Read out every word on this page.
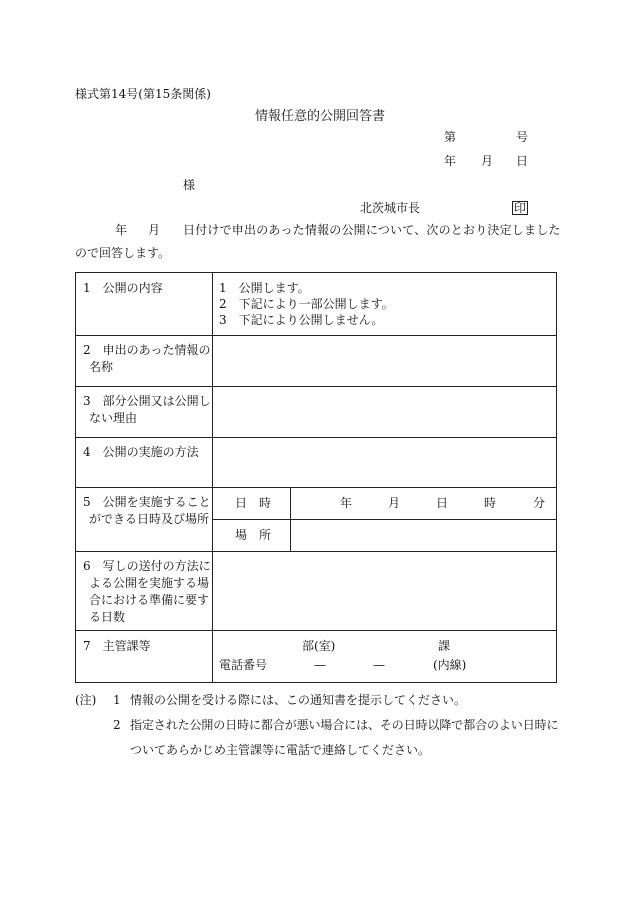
様式第14号(第15条関係)
情報任意的公開回答書
第	号
年 月 日
様
北茨城市長	印
年 月 日付けで申出のあった情報の公開について、次のとおり決定しました
ので回答します。
1　公開の内容	1　公開します。
2　下記により一部公開します。
3　下記により公開しません。
2　申出のあった情報の
名称
3　部分公開又は公開し
ない理由
4　公開の実施の方法
5　公開を実施すること
ができる日時及び場所
日　時	年	月	日	時	分
場　所
6　写しの送付の方法に
よる公開を実施する場
合における準備に要す
る日数
7　主管課等	部(室)	課
電話番号	—	—	(内線)
(注) 1 情報の公開を受ける際には、この通知書を提示してください。
2 指定された公開の日時に都合が悪い場合には、その日時以降で都合のよい日時に
ついてあらかじめ主管課等に電話で連絡してください。
